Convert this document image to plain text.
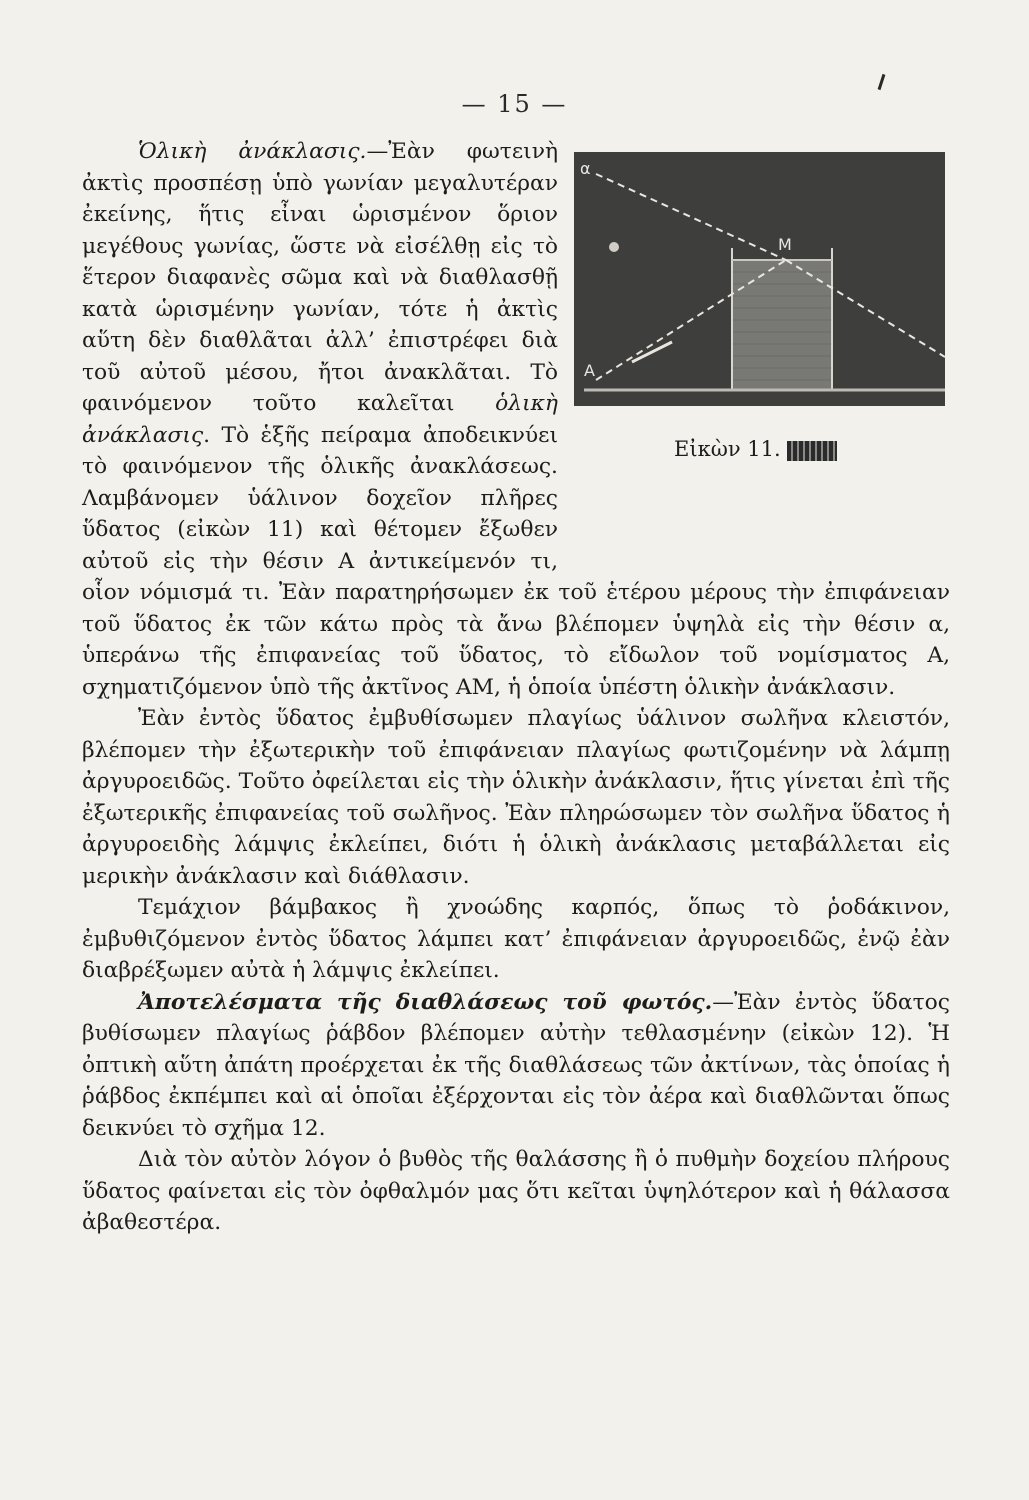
— 15 —
α
M
A
Εἰκὼν 11.

Ὁλικὴ ἀνάκλασις.—Ἐὰν φωτεινὴ ἀκτὶς προσπέσῃ ὑπὸ γωνίαν μεγαλυτέραν ἐκείνης, ἥτις εἶναι ὡρισμένον ὅριον μεγέθους γωνίας, ὥστε νὰ εἰσέλθῃ εἰς τὸ ἕτερον διαφανὲς σῶμα καὶ νὰ διαθλασθῇ κατὰ ὡρισμένην γωνίαν, τότε ἡ ἀκτὶς αὕτη δὲν διαθλᾶται ἀλλ’ ἐπιστρέφει διὰ τοῦ αὐτοῦ μέσου, ἤτοι ἀνακλᾶται. Τὸ φαινόμενον τοῦτο καλεῖται ὁλικὴ ἀνάκλασις. Τὸ ἑξῆς πείραμα ἀποδεικνύει τὸ φαινόμενον τῆς ὁλικῆς ἀνακλάσεως. Λαμβάνομεν ὑάλινον δοχεῖον πλῆρες ὕδατος (εἰκὼν 11) καὶ θέτομεν ἔξωθεν αὐτοῦ εἰς τὴν θέσιν Α ἀντικείμενόν τι, οἷον νόμισμά τι. Ἐὰν παρατηρήσωμεν ἐκ τοῦ ἑτέρου μέρους τὴν ἐπιφάνειαν τοῦ ὕδατος ἐκ τῶν κάτω πρὸς τὰ ἄνω βλέπομεν ὑψηλὰ εἰς τὴν θέσιν α, ὑπεράνω τῆς ἐπιφανείας τοῦ ὕδατος, τὸ εἴδωλον τοῦ νομίσματος Α, σχηματιζόμενον ὑπὸ τῆς ἀκτῖνος ΑΜ, ἡ ὁποία ὑπέστη ὁλικὴν ἀνάκλασιν.

Ἐὰν ἐντὸς ὕδατος ἐμβυθίσωμεν πλαγίως ὑάλινον σωλῆνα κλειστόν, βλέπομεν τὴν ἐξωτερικὴν τοῦ ἐπιφάνειαν πλαγίως φωτιζομένην νὰ λάμπῃ ἀργυροειδῶς. Τοῦτο ὀφείλεται εἰς τὴν ὁλικὴν ἀνάκλασιν, ἥτις γίνεται ἐπὶ τῆς ἐξωτερικῆς ἐπιφανείας τοῦ σωλῆνος. Ἐὰν πληρώσωμεν τὸν σωλῆνα ὕδατος ἡ ἀργυροειδὴς λάμψις ἐκλείπει, διότι ἡ ὁλικὴ ἀνάκλασις μεταβάλλεται εἰς μερικὴν ἀνάκλασιν καὶ διάθλασιν.

Τεμάχιον βάμβακος ἢ χνοώδης καρπός, ὅπως τὸ ῥοδάκινον, ἐμβυθιζόμενον ἐντὸς ὕδατος λάμπει κατ’ ἐπιφάνειαν ἀργυροειδῶς, ἐνῷ ἐὰν διαβρέξωμεν αὐτὰ ἡ λάμψις ἐκλείπει.

Ἀποτελέσματα τῆς διαθλάσεως τοῦ φωτός.—Ἐὰν ἐντὸς ὕδατος βυθίσωμεν πλαγίως ῥάβδον βλέπομεν αὐτὴν τεθλασμένην (εἰκὼν 12). Ἡ ὀπτικὴ αὕτη ἀπάτη προέρχεται ἐκ τῆς διαθλάσεως τῶν ἀκτίνων, τὰς ὁποίας ἡ ῥάβδος ἐκπέμπει καὶ αἱ ὁποῖαι ἐξέρχονται εἰς τὸν ἀέρα καὶ διαθλῶνται ὅπως δεικνύει τὸ σχῆμα 12.

Διὰ τὸν αὐτὸν λόγον ὁ βυθὸς τῆς θαλάσσης ἢ ὁ πυθμὴν δοχείου πλήρους ὕδατος φαίνεται εἰς τὸν ὀφθαλμόν μας ὅτι κεῖται ὑψηλότερον καὶ ἡ θάλασσα ἀβαθεστέρα.
